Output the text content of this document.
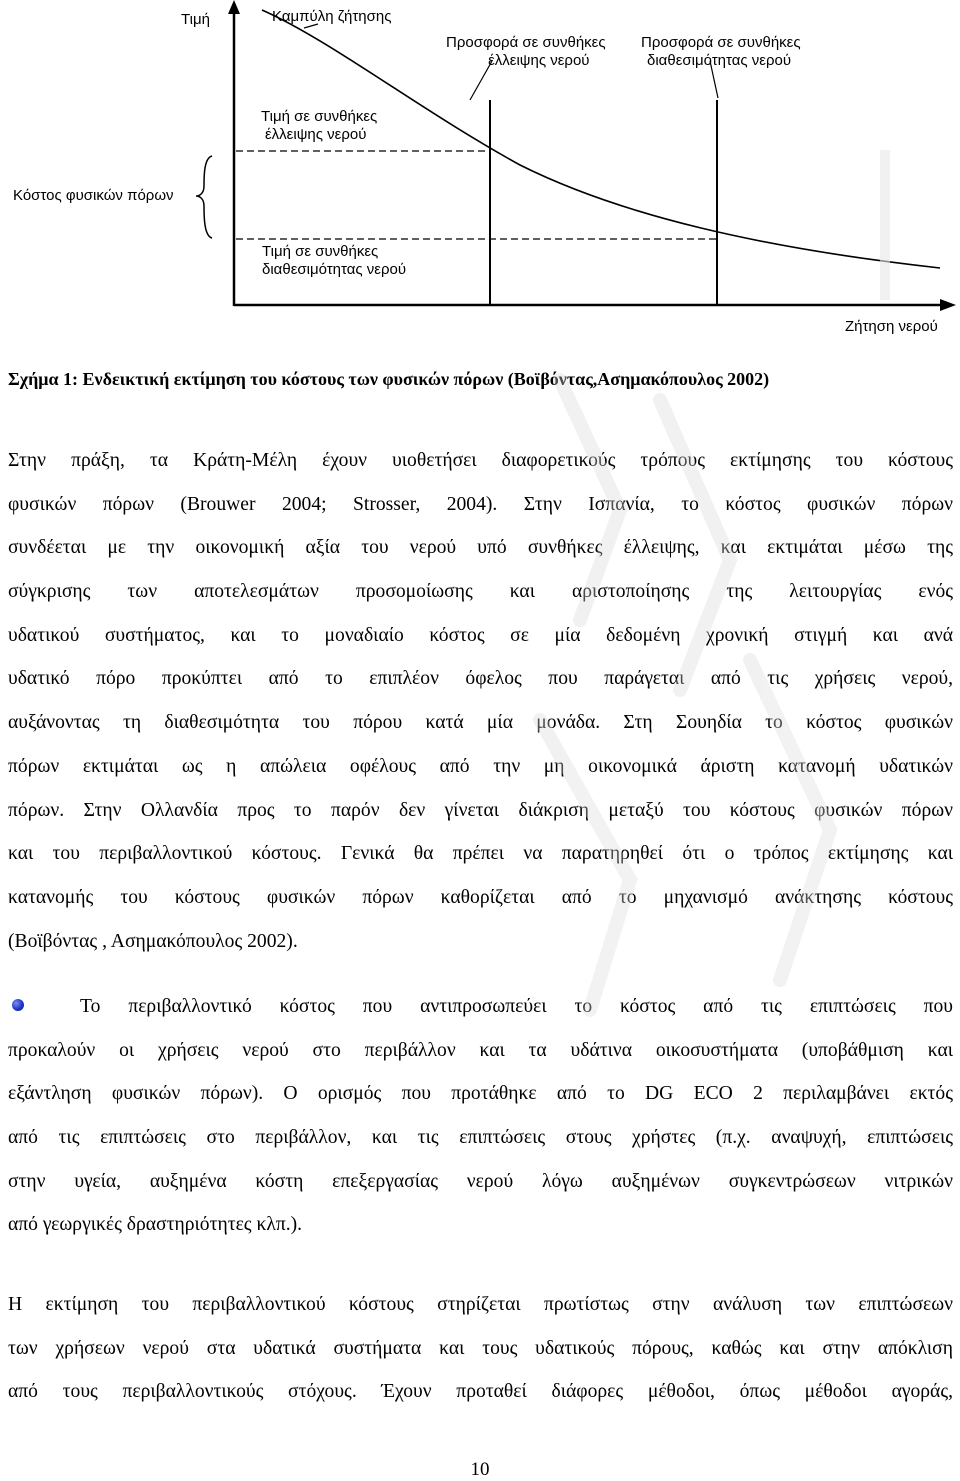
Τιμή	Καμπύλη ζήτησης
Προσφορά σε συνθήκες
έλλειψης νερού
Προσφορά σε συνθήκες
διαθεσιμότητας νερού
Τιμή σε συνθήκες
έλλειψης νερού
Κόστος φυσικών πόρων
Τιμή σε συνθήκες
διαθεσιμότητας νερού
Ζήτηση νερού
Σχήμα 1: Ενδεικτική εκτίμηση του κόστους των φυσικών πόρων (Βοϊβόντας,Ασημακόπουλος 2002)
Στην πράξη, τα Κράτη-Μέλη έχουν υιοθετήσει διαφορετικούς τρόπους εκτίμησης του κόστους
φυσικών πόρων (Brouwer 2004; Strosser, 2004). Στην Ισπανία, το κόστος φυσικών πόρων
συνδέεται με την οικονομική αξία του νερού υπό συνθήκες έλλειψης, και εκτιμάται μέσω της
σύγκρισης των αποτελεσμάτων προσομοίωσης και αριστοποίησης της λειτουργίας ενός
υδατικού συστήματος, και το μοναδιαίο κόστος σε μία δεδομένη χρονική στιγμή και ανά
υδατικό πόρο προκύπτει από το επιπλέον όφελος που παράγεται από τις χρήσεις νερού,
αυξάνοντας τη διαθεσιμότητα του πόρου κατά μία μονάδα. Στη Σουηδία το κόστος φυσικών
πόρων εκτιμάται ως η απώλεια οφέλους από την μη οικονομικά άριστη κατανομή υδατικών
πόρων. Στην Ολλανδία προς το παρόν δεν γίνεται διάκριση μεταξύ του κόστους φυσικών πόρων
και του περιβαλλοντικού κόστους. Γενικά θα πρέπει να παρατηρηθεί ότι ο τρόπος εκτίμησης και
κατανομής του κόστους φυσικών πόρων καθορίζεται από το μηχανισμό ανάκτησης κόστους
(Βοϊβόντας , Ασημακόπουλος 2002).
Το περιβαλλοντικό κόστος που αντιπροσωπεύει το κόστος από τις επιπτώσεις που
προκαλούν οι χρήσεις νερού στο περιβάλλον και τα υδάτινα οικοσυστήματα (υποβάθμιση και
εξάντληση φυσικών πόρων). Ο ορισμός που προτάθηκε από το DG ECO 2 περιλαμβάνει εκτός
από τις επιπτώσεις στο περιβάλλον, και τις επιπτώσεις στους χρήστες (π.χ. αναψυχή, επιπτώσεις
στην υγεία, αυξημένα κόστη επεξεργασίας νερού λόγω αυξημένων συγκεντρώσεων νιτρικών
από γεωργικές δραστηριότητες κλπ.).
Η εκτίμηση του περιβαλλοντικού κόστους στηρίζεται πρωτίστως στην ανάλυση των επιπτώσεων
των χρήσεων νερού στα υδατικά συστήματα και τους υδατικούς πόρους, καθώς και στην απόκλιση
από τους περιβαλλοντικούς στόχους. Έχουν προταθεί διάφορες μέθοδοι, όπως μέθοδοι αγοράς,
10
